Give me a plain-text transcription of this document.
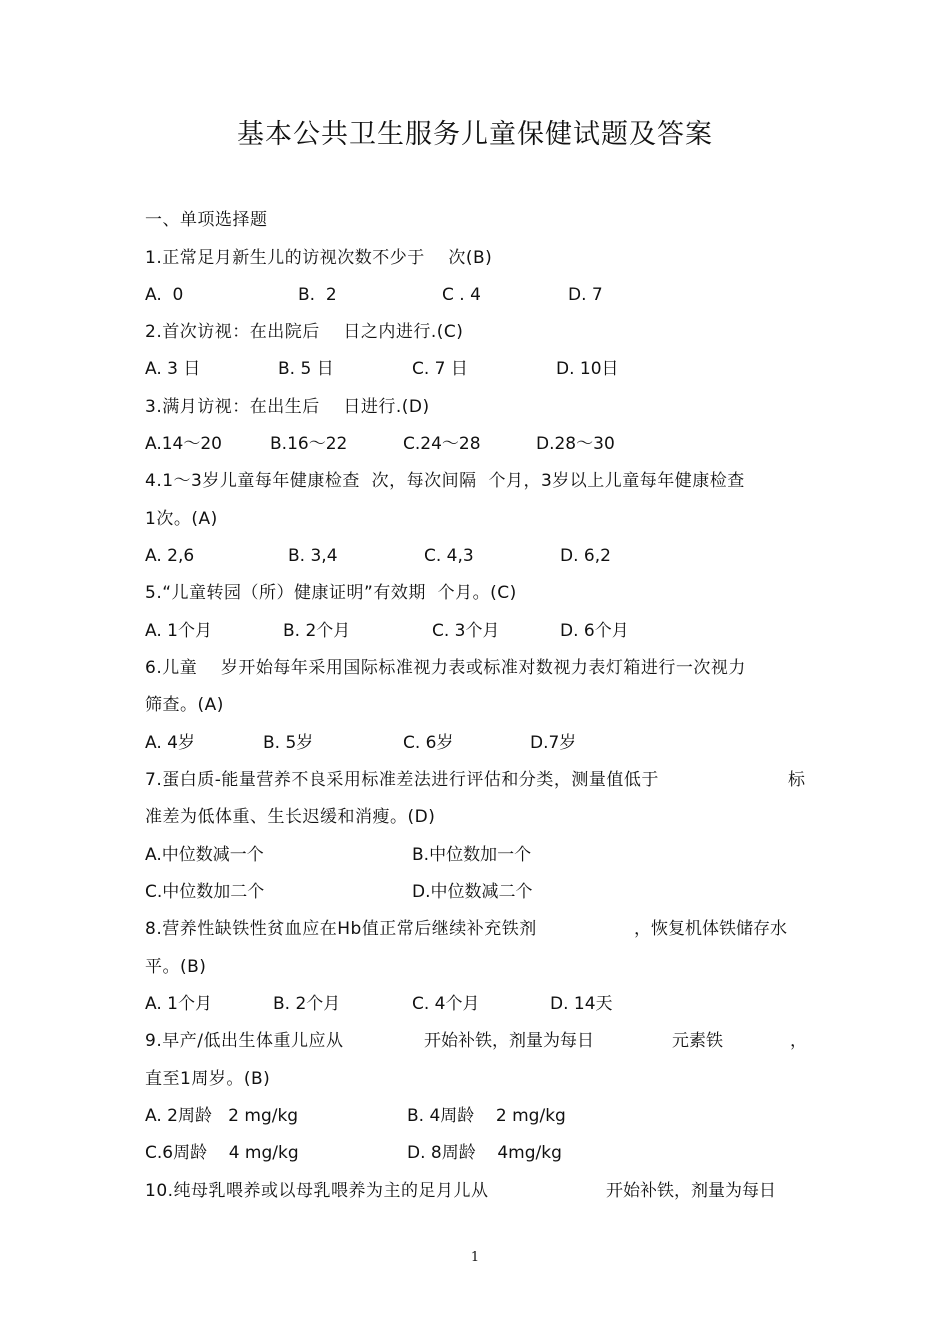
基本公共卫生服务儿童保健试题及答案
一、单项选择题
1.正常足月新生儿的访视次数不少于    次(B)
A.  0	B.  2	C . 4	D. 7
2.首次访视：在出院后    日之内进行.(C)
A. 3 日	B. 5 日	C. 7 日	D. 10日
3.满月访视：在出生后    日进行.(D)
A.14～20	B.16～22	C.24～28	D.28～30
4.1～3岁儿童每年健康检查  次，每次间隔  个月，3岁以上儿童每年健康检查
1次。(A)
A. 2,6	B. 3,4	C. 4,3	D. 6,2
5.“儿童转园（所）健康证明”有效期  个月。(C)
A. 1个月	B. 2个月	C. 3个月	D. 6个月
6.儿童    岁开始每年采用国际标准视力表或标准对数视力表灯箱进行一次视力
筛查。(A)
A. 4岁	B. 5岁	C. 6岁	D.7岁
7.蛋白质-能量营养不良采用标准差法进行评估和分类，测量值低于	标
准差为低体重、生长迟缓和消瘦。(D)
A.中位数减一个	B.中位数加一个
C.中位数加二个	D.中位数减二个
8.营养性缺铁性贫血应在Hb值正常后继续补充铁剂	，恢复机体铁储存水
平。(B)
A. 1个月	B. 2个月	C. 4个月	D. 14天
9.早产/低出生体重儿应从	开始补铁，剂量为每日	元素铁	，
直至1周岁。(B)
A. 2周龄   2 mg/kg	B. 4周龄    2 mg/kg
C.6周龄    4 mg/kg	D. 8周龄    4mg/kg
10.纯母乳喂养或以母乳喂养为主的足月儿从	开始补铁，剂量为每日
1
